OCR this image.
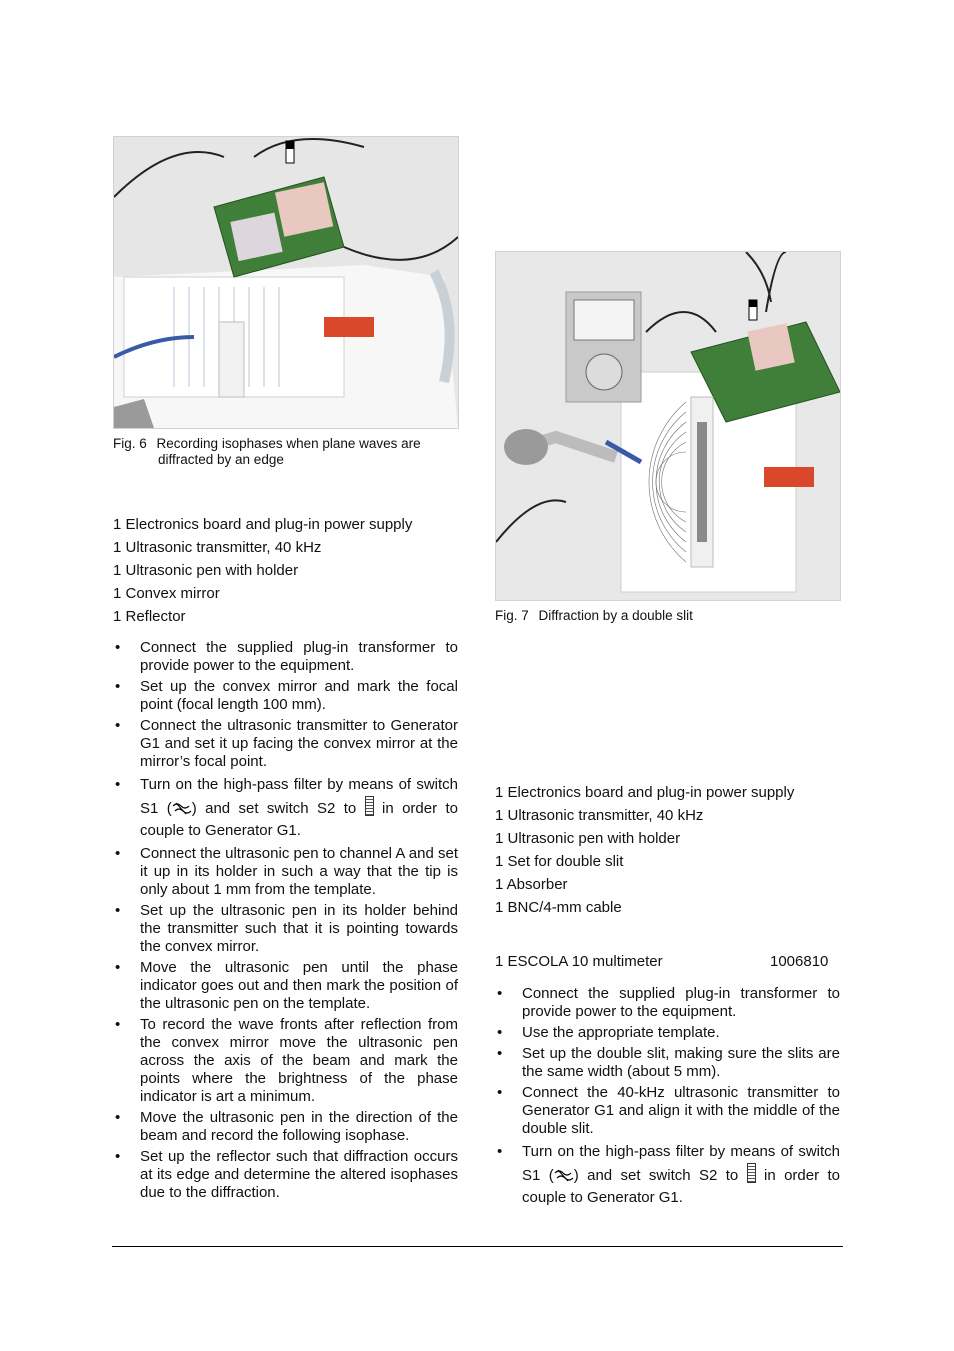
Fig. 6 Recording isophases when plane waves are
diffracted by an edge
1 Electronics board and plug-in power supply
1 Ultrasonic transmitter, 40 kHz
1 Ultrasonic pen with holder
1 Convex mirror
1 Reflector
• Connect the supplied plug-in transformer to provide power to the equipment.
• Set up the convex mirror and mark the focal point (focal length 100 mm).
• Connect the ultrasonic transmitter to Generator G1 and set it up facing the convex mirror at the mirror’s focal point.
• Turn on the high-pass filter by means of switch S1 ( ) and set switch S2 to in order to couple to Generator G1.
• Connect the ultrasonic pen to channel A and set it up in its holder in such a way that the tip is only about 1 mm from the template.
• Set up the ultrasonic pen in its holder behind the transmitter such that it is pointing towards the convex mirror.
• Move the ultrasonic pen until the phase indicator goes out and then mark the position of the ultrasonic pen on the template.
• To record the wave fronts after reflection from the convex mirror move the ultrasonic pen across the axis of the beam and mark the points where the brightness of the phase indicator is art a minimum.
• Move the ultrasonic pen in the direction of the beam and record the following isophase.
• Set up the reflector such that diffraction occurs at its edge and determine the altered isophases due to the diffraction.
Fig. 7 Diffraction by a double slit
1 Electronics board and plug-in power supply
1 Ultrasonic transmitter, 40 kHz
1 Ultrasonic pen with holder
1 Set for double slit
1 Absorber
1 BNC/4-mm cable
1 ESCOLA 10 multimeter	1006810
• Connect the supplied plug-in transformer to provide power to the equipment.
• Use the appropriate template.
• Set up the double slit, making sure the slits are the same width (about 5 mm).
• Connect the 40-kHz ultrasonic transmitter to Generator G1 and align it with the middle of the double slit.
• Turn on the high-pass filter by means of switch S1 ( ) and set switch S2 to in order to couple to Generator G1.
